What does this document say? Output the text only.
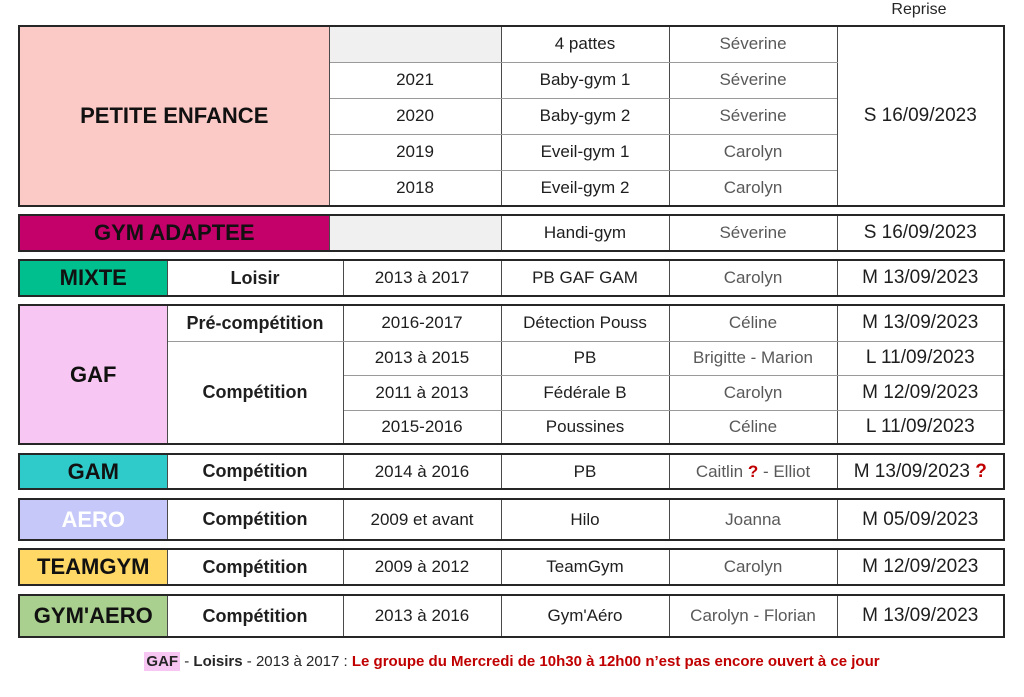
Reprise
PETITE ENFANCE		4 pattes	Séverine	S 16/09/2023
	2021	Baby-gym 1	Séverine	
	2020	Baby-gym 2	Séverine	
	2019	Eveil-gym 1	Carolyn	
	2018	Eveil-gym 2	Carolyn	
GYM ADAPTEE		Handi-gym	Séverine	S 16/09/2023
MIXTE	Loisir	2013 à 2017	PB GAF GAM	Carolyn	M 13/09/2023
GAF	Pré-compétition	2016-2017	Détection Pouss	Céline	M 13/09/2023
	Compétition	2013 à 2015	PB	Brigitte - Marion	L 11/09/2023
		2011 à 2013	Fédérale B	Carolyn	M 12/09/2023
		2015-2016	Poussines	Céline	L 11/09/2023
GAM	Compétition	2014 à 2016	PB	Caitlin ? - Elliot	M 13/09/2023 ?
AERO	Compétition	2009 et avant	Hilo	Joanna	M 05/09/2023
TEAMGYM	Compétition	2009 à 2012	TeamGym	Carolyn	M 12/09/2023
GYM'AERO	Compétition	2013 à 2016	Gym'Aéro	Carolyn - Florian	M 13/09/2023
GAF - Loisirs - 2013 à 2017 : Le groupe du Mercredi de 10h30 à 12h00 n’est pas encore ouvert à ce jour
